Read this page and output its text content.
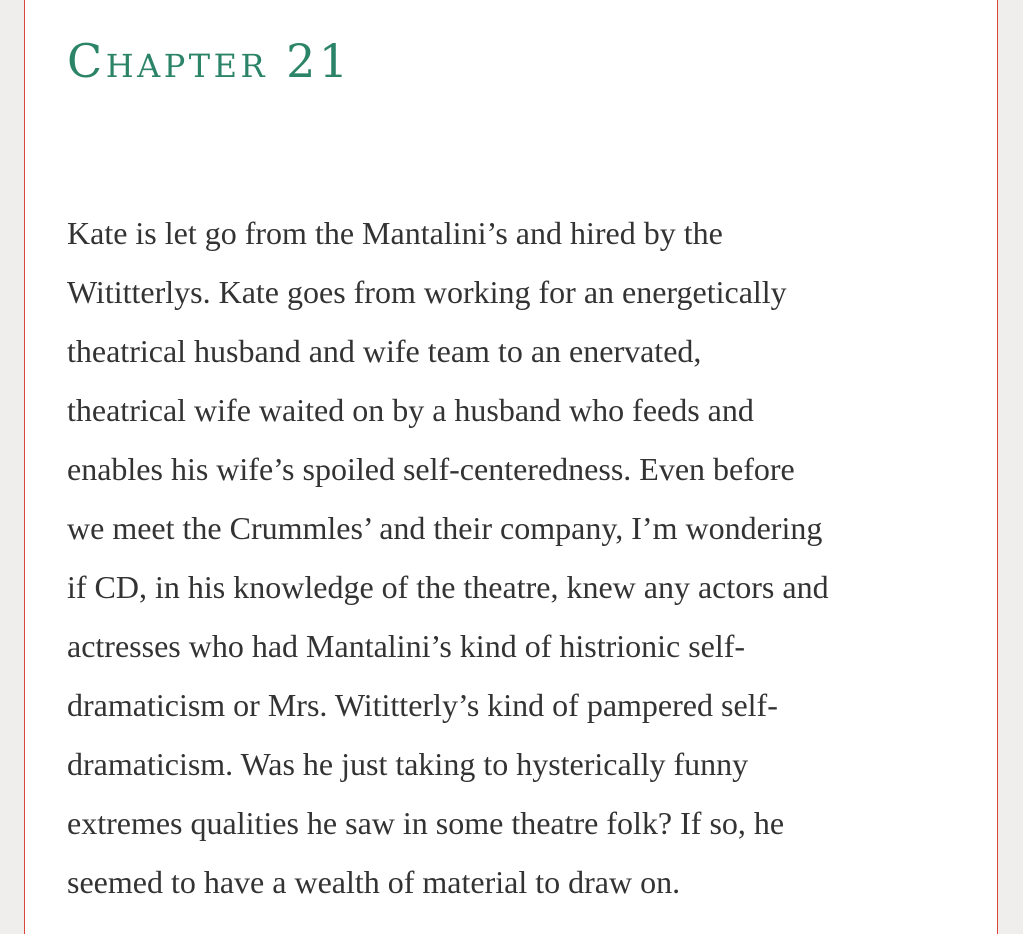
Chapter 21

Kate is let go from the Mantalini’s and hired by the
Wititterlys. Kate goes from working for an energetically
theatrical husband and wife team to an enervated,
theatrical wife waited on by a husband who feeds and
enables his wife’s spoiled self-centeredness. Even before
we meet the Crummles’ and their company, I’m wondering
if CD, in his knowledge of the theatre, knew any actors and
actresses who had Mantalini’s kind of histrionic self-
dramaticism or Mrs. Wititterly’s kind of pampered self-
dramaticism. Was he just taking to hysterically funny
extremes qualities he saw in some theatre folk? If so, he
seemed to have a wealth of material to draw on.
